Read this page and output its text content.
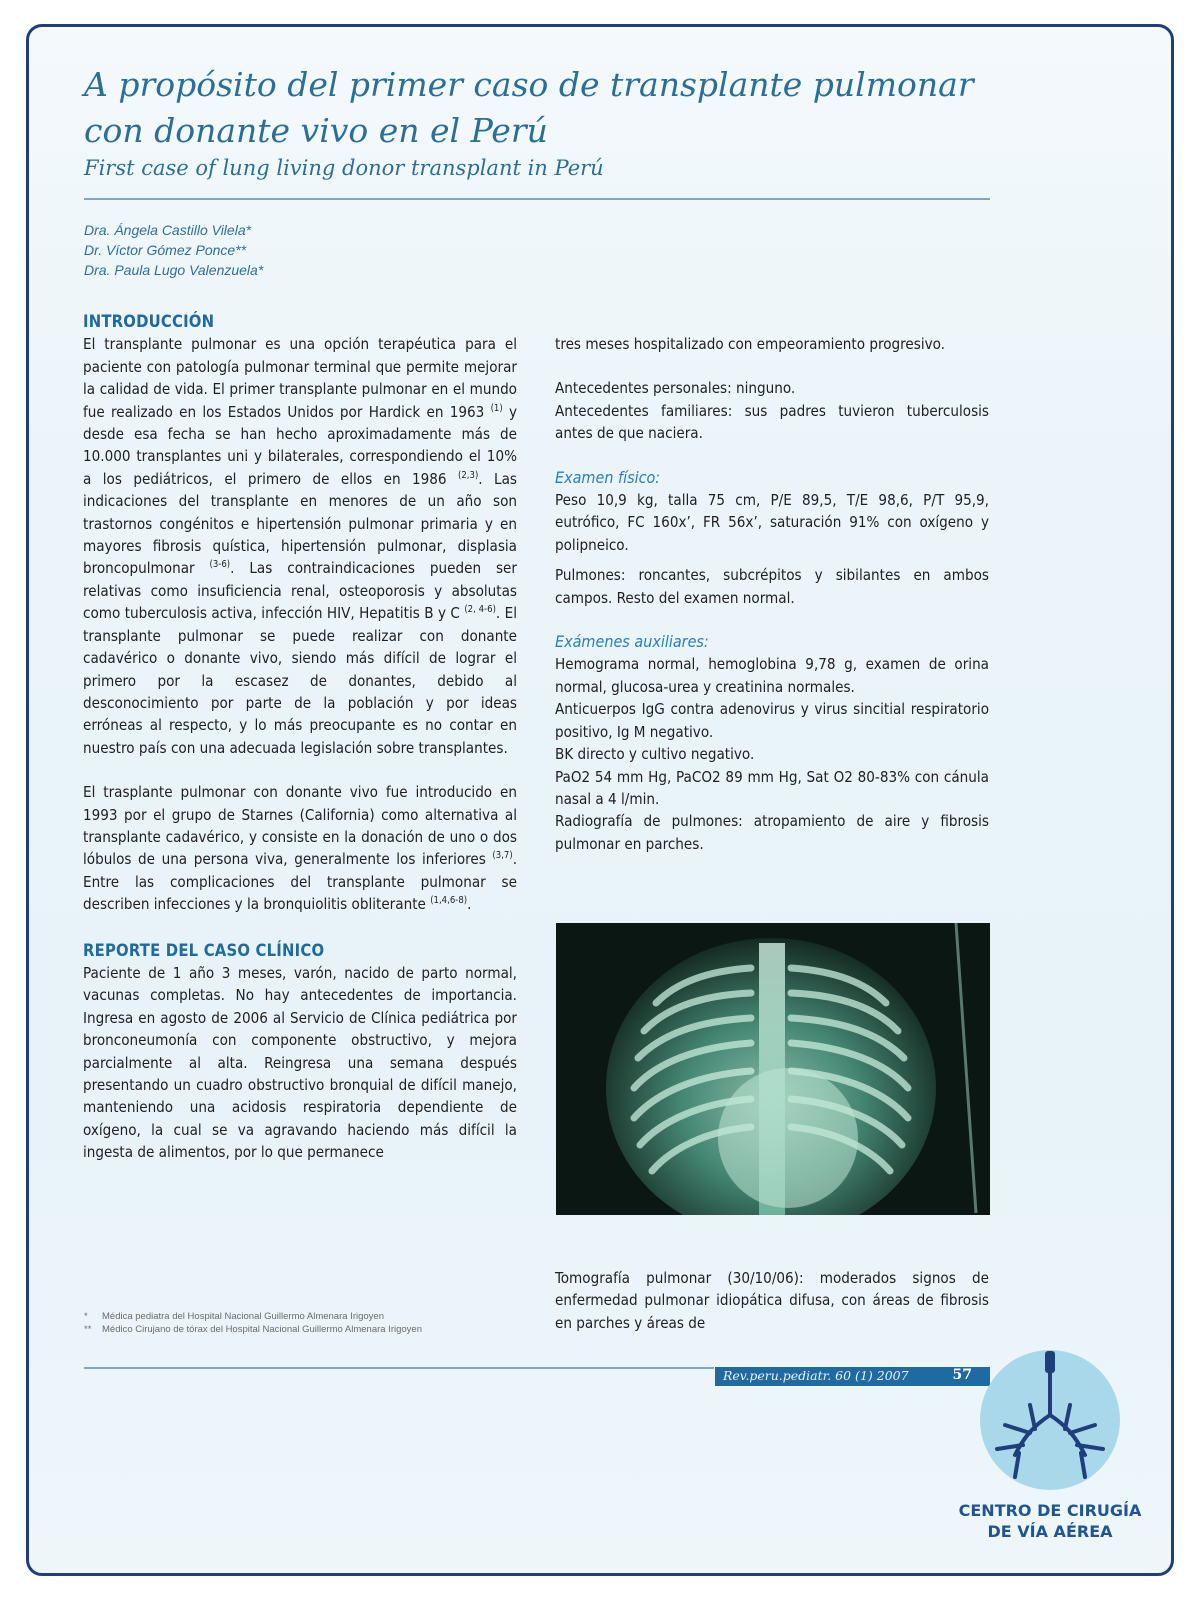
A propósito del primer caso de transplante pulmonar con donante vivo en el Perú
First case of lung living donor transplant in Perú
Dra. Ángela Castillo Vilela*
Dr. Víctor Gómez Ponce**
Dra. Paula Lugo Valenzuela*
INTRODUCCIÓN

El transplante pulmonar es una opción terapéutica para el paciente con patología pulmonar terminal que permite mejorar la calidad de vida. El primer transplante pulmonar en el mundo fue realizado en los Estados Unidos por Hardick en 1963 $^{(1)}$ y desde esa fecha se han hecho aproximadamente más de 10.000 transplantes uni y bilaterales, correspondiendo el 10% a los pediátricos, el primero de ellos en 1986 $^{(2,3)}$. Las indicaciones del transplante en menores de un año son trastornos congénitos e hipertensión pulmonar primaria y en mayores fibrosis quística, hipertensión pulmonar, displasia broncopulmonar $^{(3-6)}$. Las contraindicaciones pueden ser relativas como insuficiencia renal, osteoporosis y absolutas como tuberculosis activa, infección HIV, Hepatitis B y C $^{(2, 4-6)}$. El transplante pulmonar se puede realizar con donante cadavérico o donante vivo, siendo más difícil de lograr el primero por la escasez de donantes, debido al desconocimiento por parte de la población y por ideas erróneas al respecto, y lo más preocupante es no contar en nuestro país con una adecuada legislación sobre transplantes.

El trasplante pulmonar con donante vivo fue introducido en 1993 por el grupo de Starnes (California) como alternativa al transplante cadavérico, y consiste en la donación de uno o dos lóbulos de una persona viva, generalmente los inferiores $^{(3,7)}$. Entre las complicaciones del transplante pulmonar se describen infecciones y la bronquiolitis obliterante $^{(1,4,6-8)}$.

REPORTE DEL CASO CLÍNICO

Paciente de 1 año 3 meses, varón, nacido de parto normal, vacunas completas. No hay antecedentes de importancia. Ingresa en agosto de 2006 al Servicio de Clínica pediátrica por bronconeumonía con componente obstructivo, y mejora parcialmente al alta. Reingresa una semana después presentando un cuadro obstructivo bronquial de difícil manejo, manteniendo una acidosis respiratoria dependiente de oxígeno, la cual se va agravando haciendo más difícil la ingesta de alimentos, por lo que permanece

tres meses hospitalizado con empeoramiento progresivo.

Antecedentes personales: ninguno.

Antecedentes familiares: sus padres tuvieron tuberculosis antes de que naciera.

Examen físico:

Peso 10,9 kg, talla 75 cm, P/E 89,5, T/E 98,6, P/T 95,9, eutrófico, FC 160x’, FR 56x’, saturación 91% con oxígeno y polipneico.

Pulmones: roncantes, subcrépitos y sibilantes en ambos campos. Resto del examen normal.

Exámenes auxiliares:

Hemograma normal, hemoglobina 9,78 g, examen de orina normal, glucosa-urea y creatinina normales.

Anticuerpos IgG contra adenovirus y virus sincitial respiratorio positivo, Ig M negativo.

BK directo y cultivo negativo.

PaO2 54 mm Hg, PaCO2 89 mm Hg, Sat O2 80-83% con cánula nasal a 4 l/min.

Radiografía de pulmones: atropamiento de aire y fibrosis pulmonar en parches.

Tomografía pulmonar (30/10/06): moderados signos de enfermedad pulmonar idiopática difusa, con áreas de fibrosis en parches y áreas de

* Médica pediatra del Hospital Nacional Guillermo Almenara Irigoyen
** Médico Cirujano de tórax del Hospital Nacional Guillermo Almenara Irigoyen
Rev.peru.pediatr. 60 (1) 2007	57
CENTRO DE CIRUGÍA
DE VÍA AÉREA
